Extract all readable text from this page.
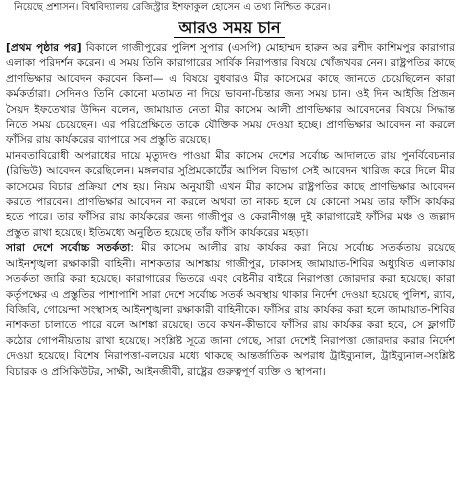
নিয়েছে প্রশাসন। বিশ্ববিদ্যালয় রেজিস্ট্রার ইশফাকুল হোসেন এ তথ্য নিশ্চিত করেন।
আরও সময় চান

[প্রথম পৃষ্ঠার পর] বিকালে গাজীপুরের পুলিশ সুপার (এসপি) মোহাম্মদ হারুন অর রশীদ কাশিমপুর কারাগার এলাকা পরিদর্শন করেন। এ সময় তিনি কারাগারের সার্বিক নিরাপত্তার বিষয়ে খোঁজখবর নেন। রাষ্ট্রপতির কাছে প্রাণভিক্ষার আবেদন করবেন কিনা— এ বিষয়ে বুধবারও মীর কাসেমের কাছে জানতে চেয়েছিলেন কারা কর্মকর্তারা। সেদিনও তিনি কোনো মতামত না দিয়ে ভাবনা-চিন্তার জন্য সময় চান। ওই দিন আইজি প্রিজন সৈয়দ ইফতেখার উদ্দিন বলেন, জামায়াত নেতা মীর কাসেম আলী প্রাণভিক্ষার আবেদনের বিষয়ে সিদ্ধান্ত নিতে সময় চেয়েছেন। এর পরিপ্রেক্ষিতে তাকে যৌক্তিক সময় দেওয়া হচ্ছে। প্রাণভিক্ষার আবেদন না করলে ফাঁসির রায় কার্যকরের ব্যাপারে সব প্রস্তুতি রয়েছে।

মানবতাবিরোধী অপরাধের দায়ে মৃত্যুদণ্ড পাওয়া মীর কাসেম দেশের সর্বোচ্চ আদালতে রায় পুনর্বিবেচনার (রিভিউ) আবেদন করেছিলেন। মঙ্গলবার সুপ্রিমকোর্টের আপিল বিভাগ সেই আবেদন খারিজ করে দিলে মীর কাসেমের বিচার প্রক্রিয়া শেষ হয়। নিয়ম অনুযায়ী এখন মীর কাসেম রাষ্ট্রপতির কাছে প্রাণভিক্ষার আবেদন করতে পারবেন। প্রাণভিক্ষার আবেদন না করলে অথবা তা নাকচ হলে যে কোনো সময় তার ফাঁসি কার্যকর হতে পারে। তার ফাঁসির রায় কার্যকরের জন্য গাজীপুর ও কেরানীগঞ্জ দুই কারাগারেই ফাঁসির মঞ্চ ও জল্লাদ প্রস্তুত রাখা হয়েছে। ইতিমধ্যে অনুষ্ঠিত হয়েছে তাঁর ফাঁসি কার্যকরের মহড়া।

সারা দেশে সর্বোচ্চ সতর্কতা: মীর কাসেম আলীর রায় কার্যকর করা নিয়ে সর্বোচ্চ সতর্কতায় রয়েছে আইনশৃঙ্খলা রক্ষাকারী বাহিনী। নাশকতার আশঙ্কায় গাজীপুর, ঢাকাসহ জামায়াত-শিবির অধ্যুষিত এলাকায় সতর্কতা জারি করা হয়েছে। কারাগারের ভিতরে এবং বেষ্টনীর বাইরে নিরাপত্তা জোরদার করা হয়েছে। কারা কর্তৃপক্ষের এ প্রস্তুতির পাশাপাশি সারা দেশে সর্বোচ্চ সতর্ক অবস্থায় থাকার নির্দেশ দেওয়া হয়েছে পুলিশ, র‌্যাব, বিজিবি, গোয়েন্দা সংস্থাসহ আইনশৃঙ্খলা রক্ষাকারী বাহিনীকে। ফাঁসির রায় কার্যকর করা হলে জামায়াত-শিবির নাশকতা চালাতে পারে বলে আশঙ্কা রয়েছে। তবে কখন-কীভাবে ফাঁসির রায় কার্যকর করা হবে, সে ফ্লাগটি কঠোর গোপনীয়তায় রাখা হয়েছে। সংশ্লিষ্ট সূত্রে জানা গেছে, সারা দেশেই নিরাপত্তা জোরদার করার নির্দেশ দেওয়া হয়েছে। বিশেষ নিরাপত্তা-বলয়ের মধ্যে থাকছে আন্তর্জাতিক অপরাধ ট্রাইব্যুনাল, ট্রাইব্যুনাল-সংশ্লিষ্ট বিচারক ও প্রসিকিউটর, সাক্ষী, আইনজীবী, রাষ্ট্রের গুরুত্বপূর্ণ ব্যক্তি ও স্থাপনা।
